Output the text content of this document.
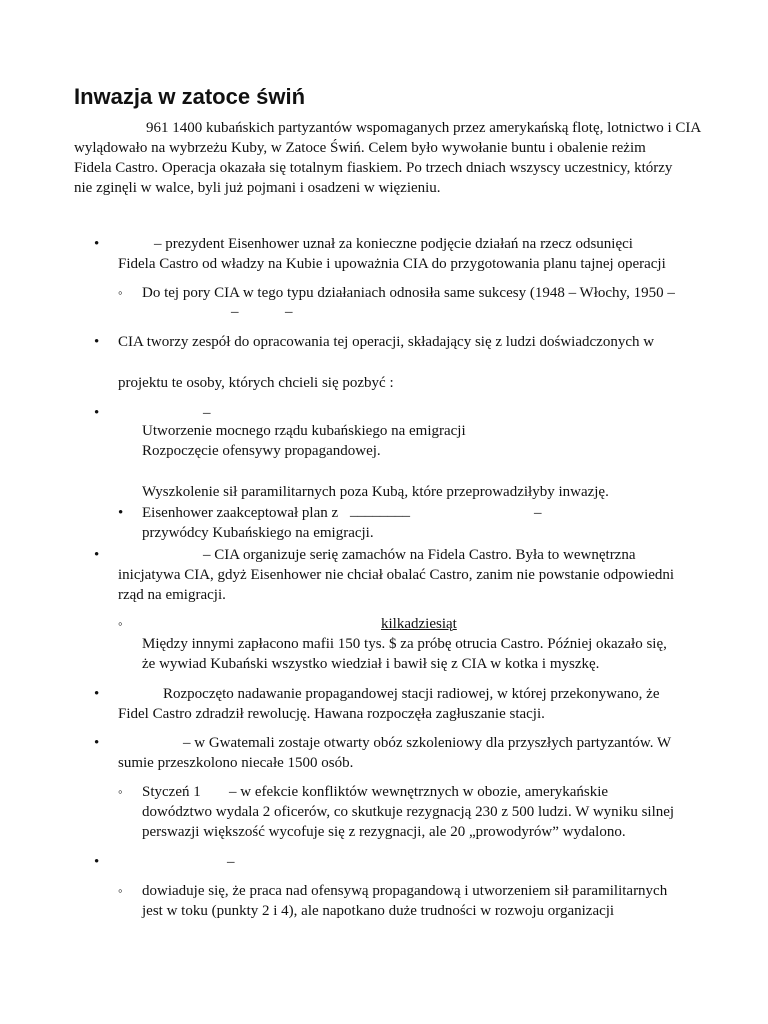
Inwazja w zatoce świń
961 1400 kubańskich partyzantów wspomaganych przez amerykańską flotę, lotnictwo i CIA
wylądowało na wybrzeżu Kuby, w Zatoce Świń. Celem było wywołanie buntu i obalenie reżim
Fidela Castro. Operacja okazała się totalnym fiaskiem. Po trzech dniach wszyscy uczestnicy, którzy
nie zginęli w walce, byli już pojmani i osadzeni w więzieniu.
•	– prezydent Eisenhower uznał za konieczne podjęcie działań na rzecz odsunięci
Fidela Castro od władzy na Kubie i upoważnia CIA do przygotowania planu tajnej operacji
◦ Do tej pory CIA w tego typu działaniach odnosiła same sukcesy (1948 – Włochy, 1950 –
–	–
• CIA tworzy zespół do opracowania tej operacji, składający się z ludzi doświadczonych w
projektu te osoby, których chcieli się pozbyć :
•	–
Utworzenie mocnego rządu kubańskiego na emigracji
Rozpoczęcie ofensywy propagandowej.
Wyszkolenie sił paramilitarnych poza Kubą, które przeprowadziłyby inwazję.
• Eisenhower zaakceptował plan z ________	–
przywódcy Kubańskiego na emigracji.
•	– CIA organizuje serię zamachów na Fidela Castro. Była to wewnętrzna
inicjatywa CIA, gdyż Eisenhower nie chciał obalać Castro, zanim nie powstanie odpowiedni
rząd na emigracji.
◦	kilkadziesiąt
Między innymi zapłacono mafii 150 tys. $ za próbę otrucia Castro. Później okazało się,
że wywiad Kubański wszystko wiedział i bawił się z CIA w kotka i myszkę.
•	Rozpoczęto nadawanie propagandowej stacji radiowej, w której przekonywano, że
Fidel Castro zdradził rewolucję. Hawana rozpoczęła zagłuszanie stacji.
•	– w Gwatemali zostaje otwarty obóz szkoleniowy dla przyszłych partyzantów. W
sumie przeszkolono niecałe 1500 osób.
◦ Styczeń 1 – w efekcie konfliktów wewnętrznych w obozie, amerykańskie
dowództwo wydala 2 oficerów, co skutkuje rezygnacją 230 z 500 ludzi. W wyniku silnej
perswazji większość wycofuje się z rezygnacji, ale 20 „prowodyrów” wydalono.
•	–
◦ dowiaduje się, że praca nad ofensywą propagandową i utworzeniem sił paramilitarnych
jest w toku (punkty 2 i 4), ale napotkano duże trudności w rozwoju organizacji
